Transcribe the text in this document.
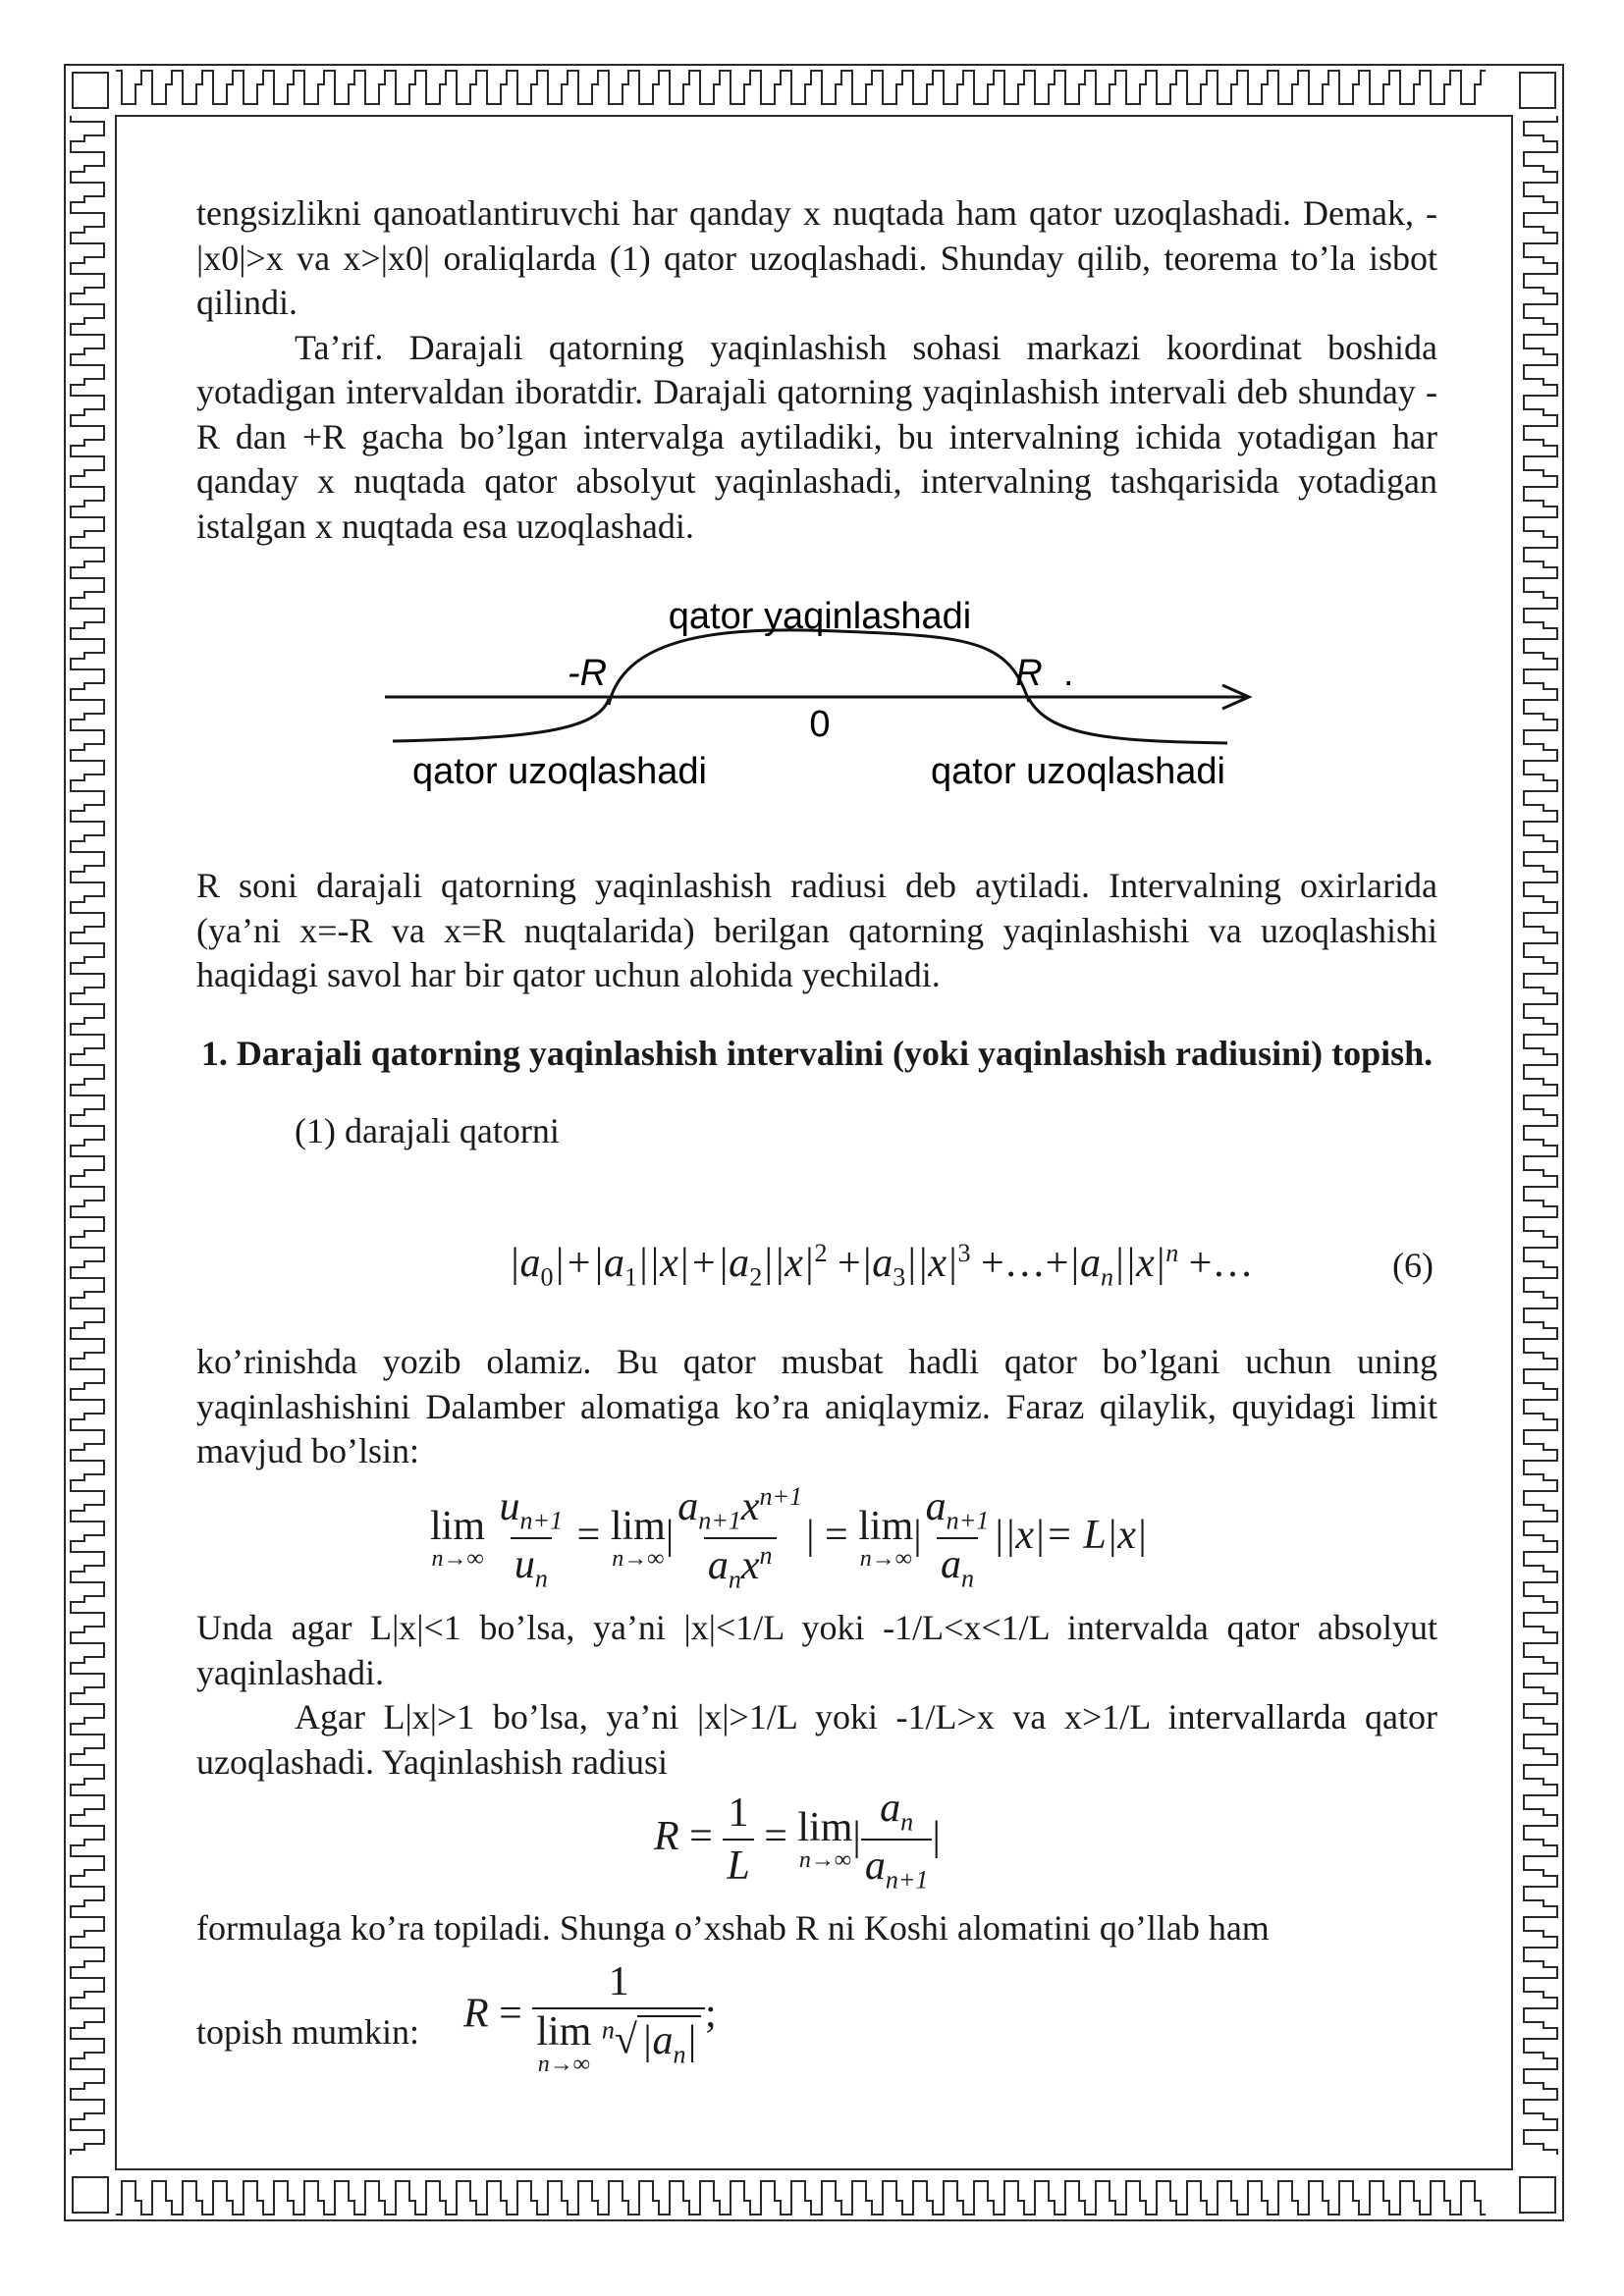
tengsizlikni qanoatlantiruvchi har qanday x nuqtada ham qator uzoqlashadi. Demak, -|x0|>x va x>|x0| oraliqlarda (1) qator uzoqlashadi. Shunday qilib, teorema to’la isbot qilindi.

Ta’rif. Darajali qatorning yaqinlashish sohasi markazi koordinat boshida yotadigan intervaldan iboratdir. Darajali qatorning yaqinlashish intervali deb shunday -R dan +R gacha bo’lgan intervalga aytiladiki, bu intervalning ichida yotadigan har qanday x nuqtada qator absolyut yaqinlashadi, intervalning tashqarisida yotadigan istalgan x nuqtada esa uzoqlashadi.

qator yaqinlashadi
-R	R .
0
qator uzoqlashadi	qator uzoqlashadi

R soni darajali qatorning yaqinlashish radiusi deb aytiladi. Intervalning oxirlarida (ya’ni x=-R va x=R nuqtalarida) berilgan qatorning yaqinlashishi va uzoqlashishi haqidagi savol har bir qator uchun alohida yechiladi.

1. Darajali qatorning yaqinlashish intervalini (yoki yaqinlashish radiusini) topish.

(1) darajali qatorni

$|a_0|+|a_1||x|+|a_2||x|^2 +|a_3||x|^3$ $+\dots+|a_n||x|^n$ +…	(6)

ko’rinishda yozib olamiz. Bu qator musbat hadli qator bo’lgani uchun uning yaqinlashishini Dalamber alomatiga ko’ra aniqlaymiz. Faraz qilaylik, quyidagi limit mavjud bo’lsin:

lim
n→∞
$\frac{u_{n+1}}{u_n} = \lim$
n→∞
| $\frac{a_{n+1}x^{n+1}}{a_nx^n}$ | = lim
n→∞
| $\frac{a_{n+1}}{a_n} ||x|= L|x|$

Unda agar L|x|<1 bo’lsa, ya’ni |x|<1/L yoki -1/L<x<1/L intervalda qator absolyut yaqinlashadi.

Agar L|x|>1 bo’lsa, ya’ni |x|>1/L yoki -1/L>x va x>1/L intervallarda qator uzoqlashadi. Yaqinlashish radiusi

$R = \frac{1}{L} = \lim$
n→∞
| $\frac{a_n}{a_{n+1}}$ |

formulaga ko’ra topiladi. Shunga o’xshab R ni Koshi alomatini qo’llab ham

topish mumkin: R = 1
lim
n→∞
$^n√|a_n|$ ;
